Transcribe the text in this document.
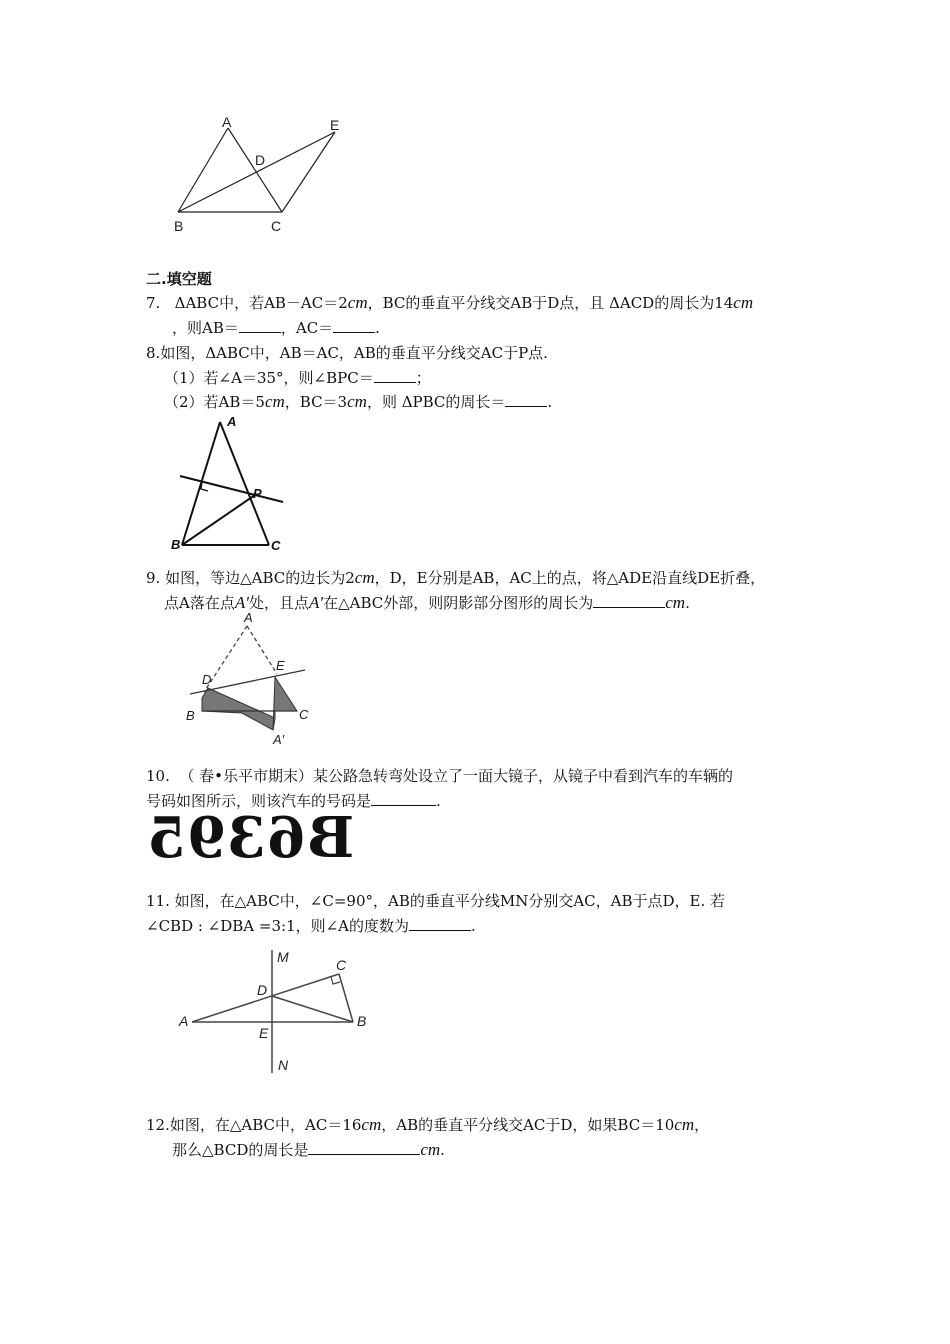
A
B	C
D
E
二.填空题
7. ΔABC中，若AB－AC＝2cm，BC的垂直平分线交AB于D点，且 ΔACD的周长为14cm
，则AB＝	，AC＝	.
8.如图，ΔABC中，AB＝AC，AB的垂直平分线交AC于P点.
（1）若∠A＝35°，则∠BPC＝	；
（2）若AB＝5cm，BC＝3cm，则 ΔPBC的周长＝	.
A
B	C
P
9. 如图，等边△ABC的边长为2cm，D，E分别是AB，AC上的点，将△ADE沿直线DE折叠，
点A落在点A′处，且点A′在△ABC外部，则阴影部分图形的周长为	cm.
A
B	C
D
E
A′
10. （ 春•乐平市期末）某公路急转弯处设立了一面大镜子，从镜子中看到汽车的车辆的
号码如图所示，则该汽车的号码是	.
B6395
11. 如图，在△ABC中，∠C=90°，AB的垂直平分线MN分别交AC，AB于点D，E. 若
∠CBD : ∠DBA =3:1，则∠A的度数为	.
A	B
C
D
E
M
N
12.如图，在△ABC中，AC＝16cm，AB的垂直平分线交AC于D，如果BC＝10cm，
那么△BCD的周长是	cm.
